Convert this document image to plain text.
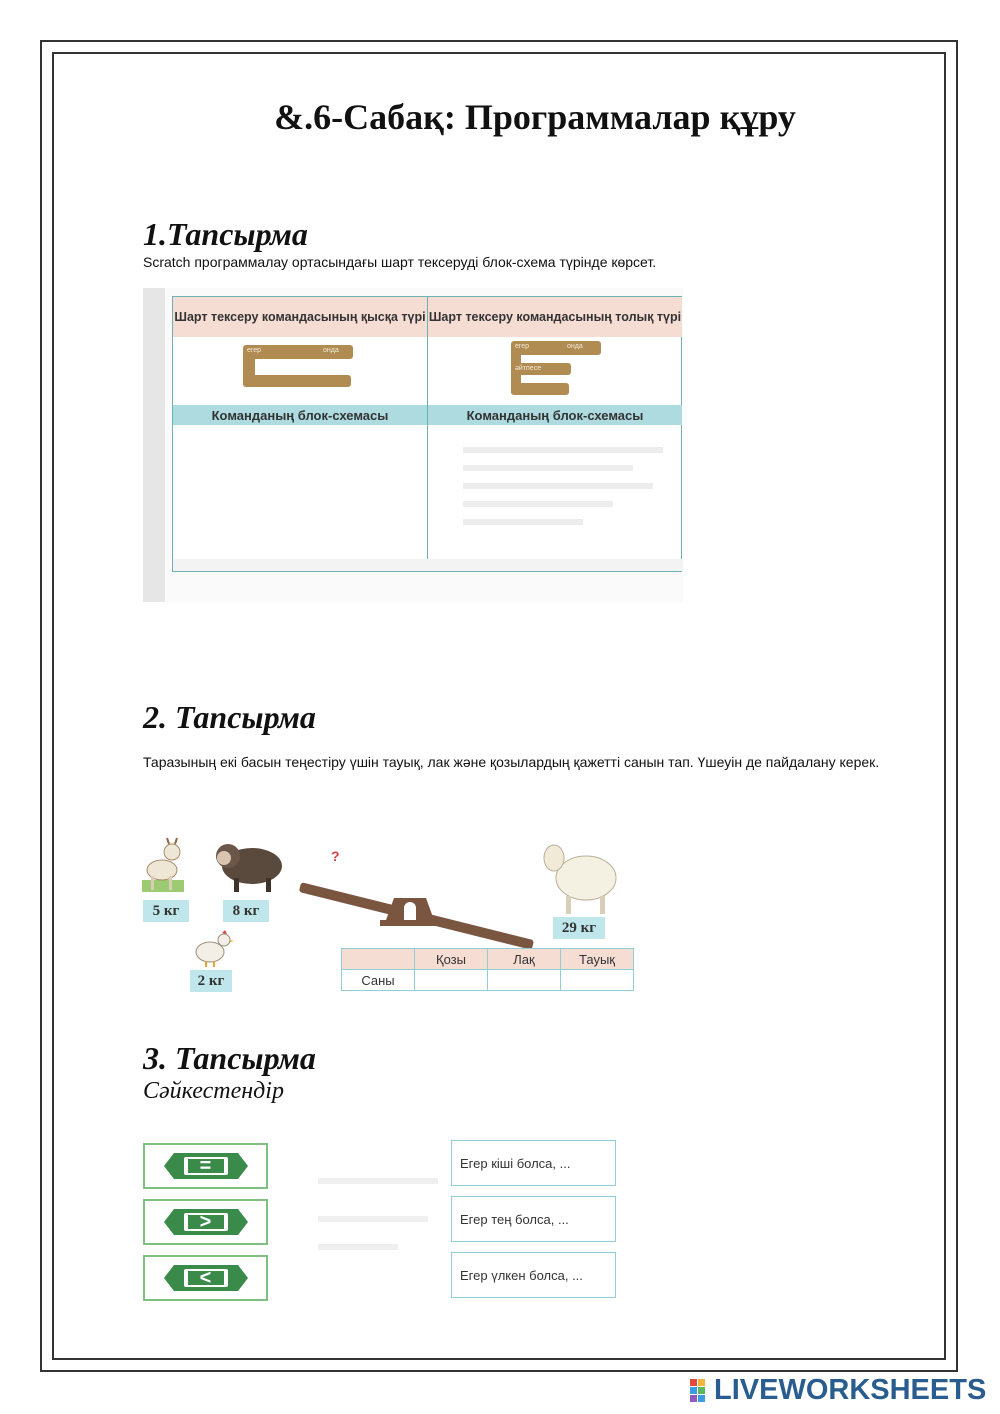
&.6-Сабақ: Программалар құру
1.Тапсырма
Scratch программалау ортасындағы шарт тексеруді блок-схема түрінде көрсет.
Шарт тексеру командасының қысқа түрі Шарт тексеру командасының толық түрі
егер	онда
егер	онда
әйтпесе
Команданың блок-схемасы	Команданың блок-схемасы
2. Тапсырма
Таразының екі басын теңестіру үшін тауық, лак және қозылардың қажетті санын тап. Үшеуін де пайдалану керек.
5 кг	8 кг
2 кг
?
29 кг
	Қозы	Лақ	Тауық
Саны			
3. Тапсырма
Сәйкестендір
=
>
<
Егер кіші болса, ...
Егер тең болса, ...
Егер үлкен болса, ...
LIVEWORKSHEETS
